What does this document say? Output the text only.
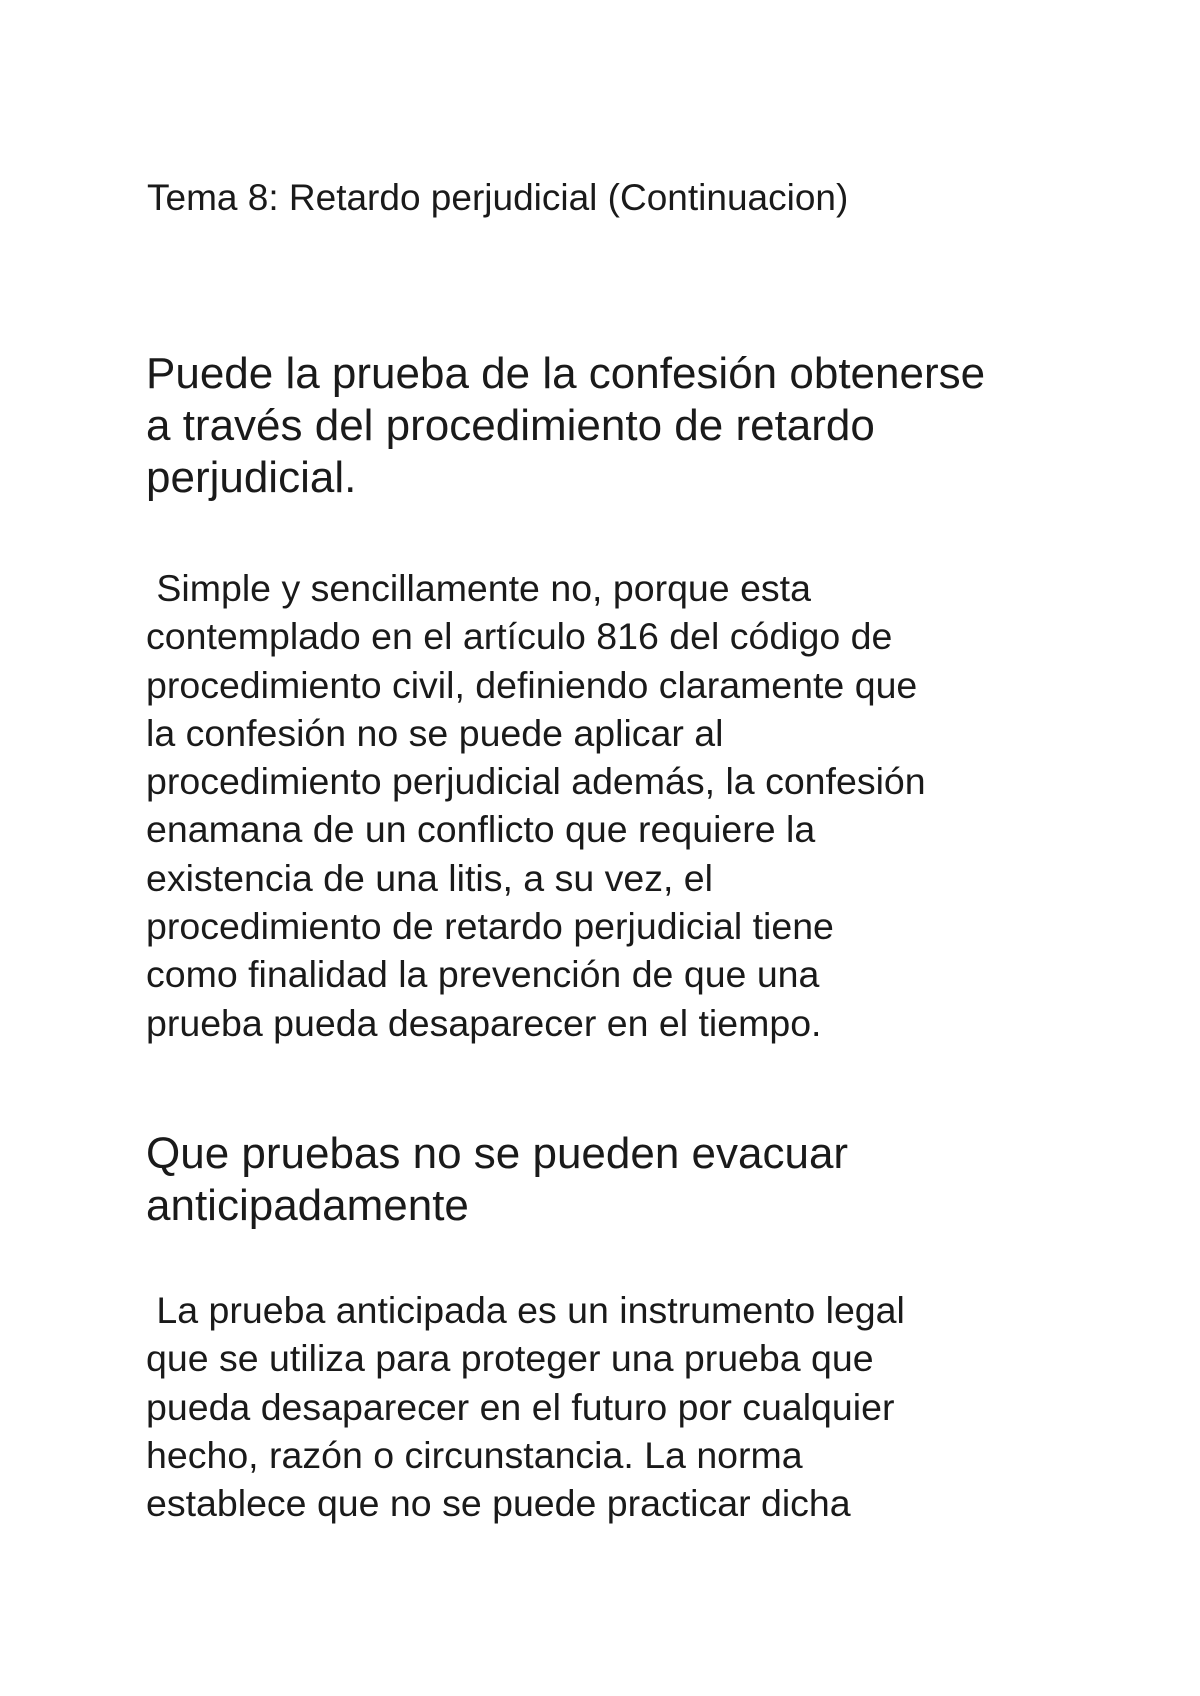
Tema 8: Retardo perjudicial (Continuacion)
Puede la prueba de la confesión obtenerse
a través del procedimiento de retardo
perjudicial.

Simple y sencillamente no, porque esta
contemplado en el artículo 816 del código de
procedimiento civil, definiendo claramente que
la confesión no se puede aplicar al
procedimiento perjudicial además, la confesión
enamana de un conflicto que requiere la
existencia de una litis, a su vez, el
procedimiento de retardo perjudicial tiene
como finalidad la prevención de que una
prueba pueda desaparecer en el tiempo.

Que pruebas no se pueden evacuar
anticipadamente

La prueba anticipada es un instrumento legal
que se utiliza para proteger una prueba que
pueda desaparecer en el futuro por cualquier
hecho, razón o circunstancia. La norma
establece que no se puede practicar dicha
